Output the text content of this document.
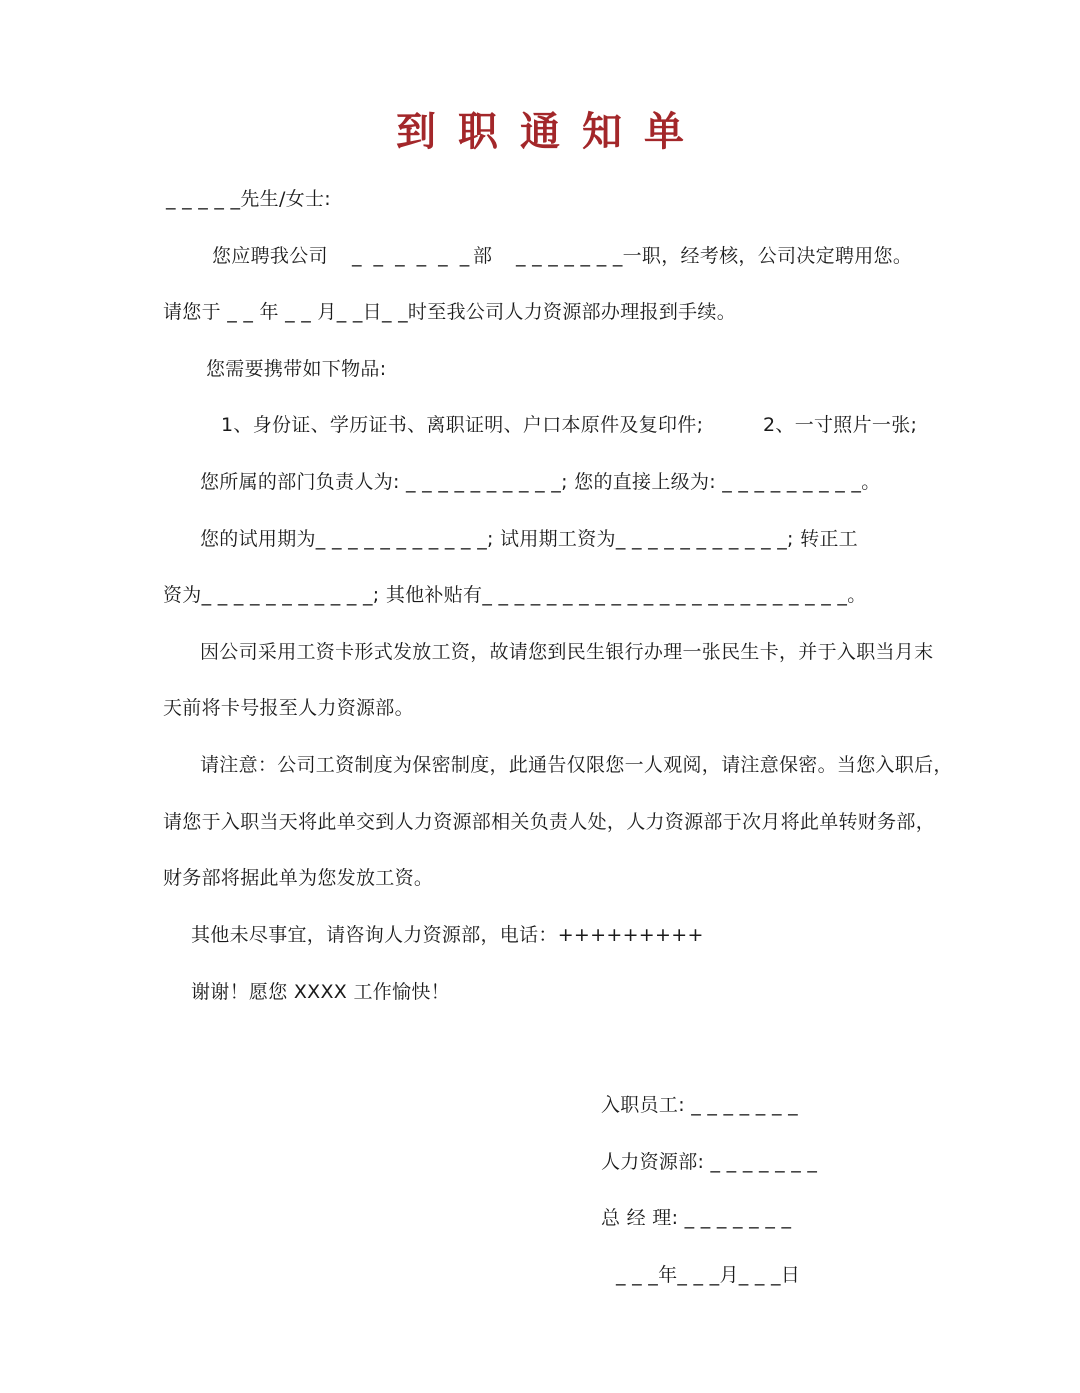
到职通知单
_ _ _ _ _先生/女士:
您应聘我公司 _ _ _ _ _ _ 部 _ _ _ _ _ _ _一职，经考核，公司决定聘用您。
请您于 _ _ 年 _ _ 月_ _日_ _时至我公司人力资源部办理报到手续。
您需要携带如下物品:
1、身份证、学历证书、离职证明、户口本原件及复印件;	2、一寸照片一张;
您所属的部门负责人为: _ _ _ _ _ _ _ _ _ _; 您的直接上级为: _ _ _ _ _ _ _ _ _。
您的试用期为_ _ _ _ _ _ _ _ _ _ _; 试用期工资为_ _ _ _ _ _ _ _ _ _ _; 转正工
资为_ _ _ _ _ _ _ _ _ _ _; 其他补贴有_ _ _ _ _ _ _ _ _ _ _ _ _ _ _ _ _ _ _ _ _ _ _。
因公司采用工资卡形式发放工资，故请您到民生银行办理一张民生卡，并于入职当月末
天前将卡号报至人力资源部。
请注意：公司工资制度为保密制度，此通告仅限您一人观阅，请注意保密。当您入职后，
请您于入职当天将此单交到人力资源部相关负责人处，人力资源部于次月将此单转财务部，
财务部将据此单为您发放工资。
其他未尽事宜，请咨询人力资源部，电话：+++++++++
谢谢！愿您 XXXX 工作愉快！
入职员工: _ _ _ _ _ _ _
人力资源部: _ _ _ _ _ _ _
总 经 理: _ _ _ _ _ _ _
_ _ _年_ _ _月_ _ _日
